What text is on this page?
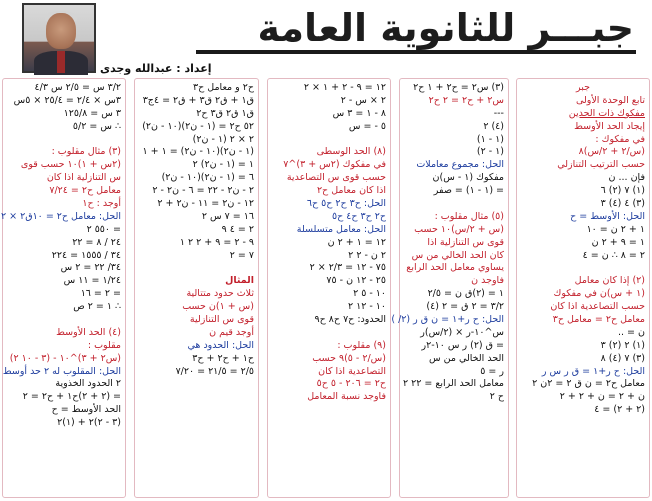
جبـــر للثانوية العامة
إعداد : عبدالله وجدى
٣/٢ س = ٢/٥ س ٤/٣
٣س × ٢/٤ = ٢٥/٤ × ٥س
٣ س = ١٢٥/٨
∴ س = ٥/٢
(٣) مثال مقلوب :
(٢س + ١)١٠ حسب قوى
س التنازلية اذا كان
معامل ح٢ = ٧/٢٤
أوجد : ح١
الحل: معامل ح٢ = ١٠ق٢ × ٢
= ٥٥٠ ٢
٢٤ / ٨ = ٢٢
٣٤ / ١٥٥٥ = ٢٢٤
٣٤/ ٢٢ = ٢ س
١/٢٤ = ١١ س
= ٢ = ١٦
∴ ١ = ٢ ص
(٤) الحد الأوسط
مقلوب :
(س٢ + ٣)^١٠ - (٣ - ١٠ ٢)
الحل: المقلوب له ٢ حد أوسط
٢ الحدود الخذوية
= (٢ + ٢)ح١ + ح٢ = ٢
الحد الأوسط = ح
(٣ - ٢)٢ + (١)٢
ح٢ و معامل ح٣
ق١ + ق٢ ق٣ + ق٢ = ٤ج٣
ق١ ق٢ ق٣ ح٢
٥٢ ح٢ = (١ - ن٢)(١٠ - ن٢)
٢ × ٢ (١ - ن٢)
(١ - ن٢)(١٠ - ن٢) = ١ + ١
١ = (١ - ن٢) ٢
٦ = (١ - ن٢)(١٠ - ن٢)
٢ - ن٢ - ٢٢ = ٦ - ن٢ - ٢
١٢ - ن٢ = ١١ - ن٢ + ٢
١٦ = ٧ س ٢
٢ = ٤ ٩
٩ - ٢ = ٩ + ٢ ٢ ١
٧ = ٢
المثال
ثلاث حدود متتالية
(س + ١)ن حسب
قوى س التنازلية
أوجد قيم ن
الحل: الحدود هي
ح١ + ح٢ + ح٣
٢/٥ = ٢١/٥ = ٧/٢٠
١٢ = ٩ - ٢ + ١ × ٢
٢ × س - ٢
٨ - ١ = ٣ س
٥ - = س
(٨) الحد الوسطى
في مفكوك (٢س + ٣)^٧
حسب قوى س التصاعدية
اذا كان معامل ح٢
الحل: ح٣ ح٢ ح٥ ح٦
ح٢ ح٣ ح٤ ح٥
الحل: معامل متسلسلة
١٢ = ١ + ٢ ن
٢ ن - ٢ ٢
٧٥ - ١٢ = ٢/٣ × ٢
٢٥ - ١٢ ن - ٧٥
١٠ - ٥ ٢
١٠ - ١٢ ٢
الحدود: ح٧ ح٨ ح٩
(٩) مقلوب :
(س/٢ - ٥)٩ حسب
التصاعدية اذا كان
ح٢ = ٢٠٦ - ٥ ح٥
فاوجد نسبة المعامل
(٣) س٢ = ح٢ + ١ ح٢
س٢ + ح٢ = ٢ ح٢
---
(٤) ٢
(١ - ١)
(١ - ٢)
الحل: مجموع معاملات
مفكوك (١ - س)ن
= (١ - ١) = صفر
(٥) مثال مقلوب :
(س + ٢/س)١٠ حسب
قوى س التنازلية اذا
كان الحد الخالي من س
يساوي معامل الحد الرابع
فاوجد ن
١ = (٢)ق ن = ٢/٥
٣/٢ = ٢ ق = ٢ (٤)
الحل: ح ر+١ = ن ق ر (٢/ )
س^١٠-ر × (٢/س)ر
= ق (٢) ر س ١٠-٢ر
الحد الخالي من س
ر = ٥
معامل الحد الرابع = ٢٢ ٢
ح ٢
جبر
تابع الوحدة الأولى
مفكوك ذات الحدين
إيجاد الحد الأوسط
في مفكوك :
(س/٢ + ٢/س)٨
حسب الترتيب التنازلي
فإن ... ن
(١) ٧ (٢) ٦
(٣) ٤ (٤) ٣
الحل: الأوسط = ح
١ + ٢ ن = ١٠
١ = ٩ + ٢ ن
٢ = ٨ ∴ ن = ٤
(٢) إذا كان معامل
(١ + س)ن في مفكوك
حسب التصاعدية اذا كان
معامل ح٢ = معامل ح٣
ن = ..
(١) ٢ (٢) ٣
(٣) ٧ (٤) ٨
الحل: ح ر+١ = ق ر س ر
معامل ح٢ = ن ق ٢ = ٢ن ٢
ن + ٢ = ن + ٢ + ٢
(٢ + ٢) = ٤
